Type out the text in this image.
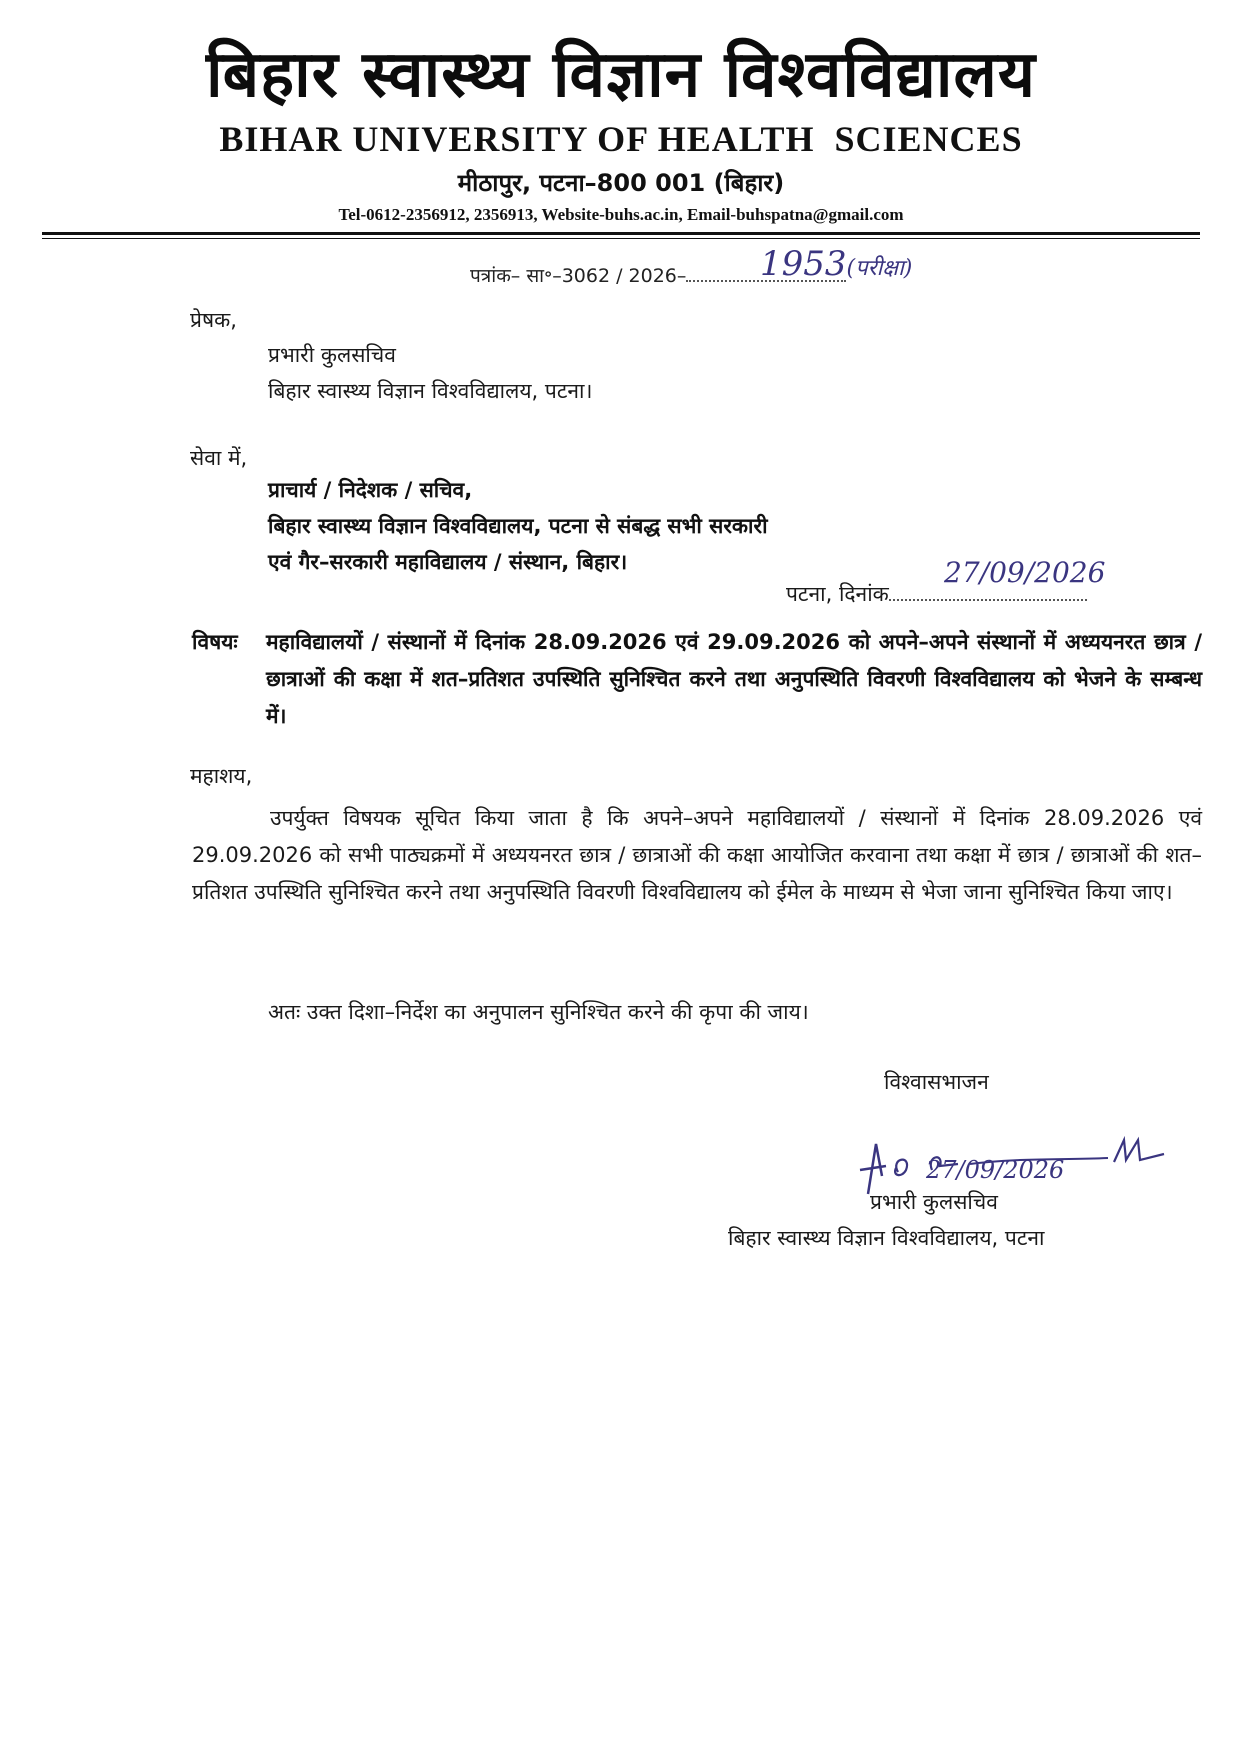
बिहार स्वास्थ्य विज्ञान विश्वविद्यालय
BIHAR UNIVERSITY OF HEALTH  SCIENCES
मीठापुर, पटना–800 001 (बिहार)
Tel-0612-2356912, 2356913, Website-buhs.ac.in, Email-buhspatna@gmail.com
पत्रांक– सा॰–3062 / 2026–	1953(परीक्षा)
प्रेषक,
प्रभारी कुलसचिव
बिहार स्वास्थ्य विज्ञान विश्वविद्यालय, पटना।
सेवा में,
प्राचार्य / निदेशक / सचिव,
बिहार स्वास्थ्य विज्ञान विश्वविद्यालय, पटना से संबद्ध सभी सरकारी
एवं गैर–सरकारी महाविद्यालय / संस्थान, बिहार।
पटना, दिनांक
27/09/2026
विषयः महाविद्यालयों / संस्थानों में दिनांक 28.09.2026 एवं 29.09.2026 को अपने–अपने संस्थानों में अध्ययनरत छात्र / छात्राओं की कक्षा में शत–प्रतिशत उपस्थिति सुनिश्चित करने तथा अनुपस्थिति विवरणी विश्वविद्यालय को भेजने के सम्बन्ध में।
महाशय,
उपर्युक्त विषयक सूचित किया जाता है कि अपने–अपने महाविद्यालयों / संस्थानों में दिनांक 28.09.2026 एवं 29.09.2026 को सभी पाठ्यक्रमों में अध्ययनरत छात्र / छात्राओं की कक्षा आयोजित करवाना तथा कक्षा में छात्र / छात्राओं की शत–प्रतिशत उपस्थिति सुनिश्चित करने तथा अनुपस्थिति विवरणी विश्वविद्यालय को ईमेल के माध्यम से भेजा जाना सुनिश्चित किया जाए।
अतः उक्त दिशा–निर्देश का अनुपालन सुनिश्चित करने की कृपा की जाय।
विश्वासभाजन
27/09/2026
प्रभारी कुलसचिव
बिहार स्वास्थ्य विज्ञान विश्वविद्यालय, पटना
